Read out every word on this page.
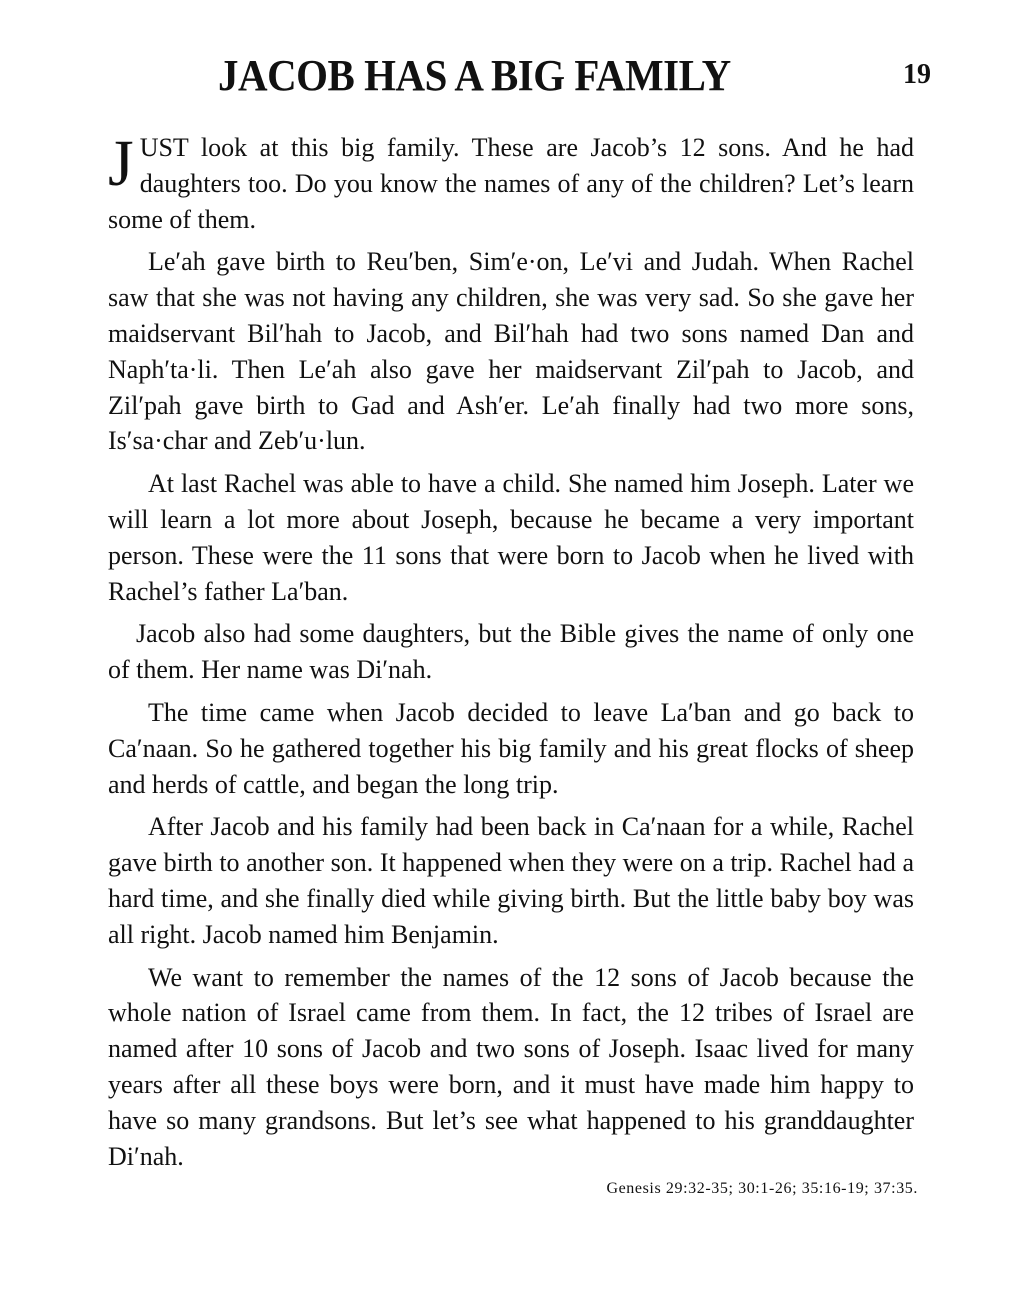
JACOB HAS A BIG FAMILY	19

JUST look at this big family. These are Jacob’s 12 sons. And he had daughters too. Do you know the names of any of the children? Let’s learn some of them.

Le′ah gave birth to Reu′ben, Sim′e·on, Le′vi and Judah. When Rachel saw that she was not having any children, she was very sad. So she gave her maidservant Bil′hah to Jacob, and Bil′hah had two sons named Dan and Naph′ta·li. Then Le′ah also gave her maidservant Zil′pah to Jacob, and Zil′pah gave birth to Gad and Ash′er. Le′ah finally had two more sons, Is′sa·char and Zeb′u·lun.

At last Rachel was able to have a child. She named him Joseph. Later we will learn a lot more about Joseph, because he became a very important person. These were the 11 sons that were born to Jacob when he lived with Rachel’s father La′ban.

Jacob also had some daughters, but the Bible gives the name of only one of them. Her name was Di′nah.

The time came when Jacob decided to leave La′ban and go back to Ca′naan. So he gathered together his big family and his great flocks of sheep and herds of cattle, and began the long trip.

After Jacob and his family had been back in Ca′naan for a while, Rachel gave birth to another son. It happened when they were on a trip. Rachel had a hard time, and she finally died while giving birth. But the little baby boy was all right. Jacob named him Benjamin.

We want to remember the names of the 12 sons of Jacob because the whole nation of Israel came from them. In fact, the 12 tribes of Israel are named after 10 sons of Jacob and two sons of Joseph. Isaac lived for many years after all these boys were born, and it must have made him happy to have so many grandsons. But let’s see what happened to his granddaughter Di′nah.

Genesis 29:32-35; 30:1-26; 35:16-19; 37:35.
